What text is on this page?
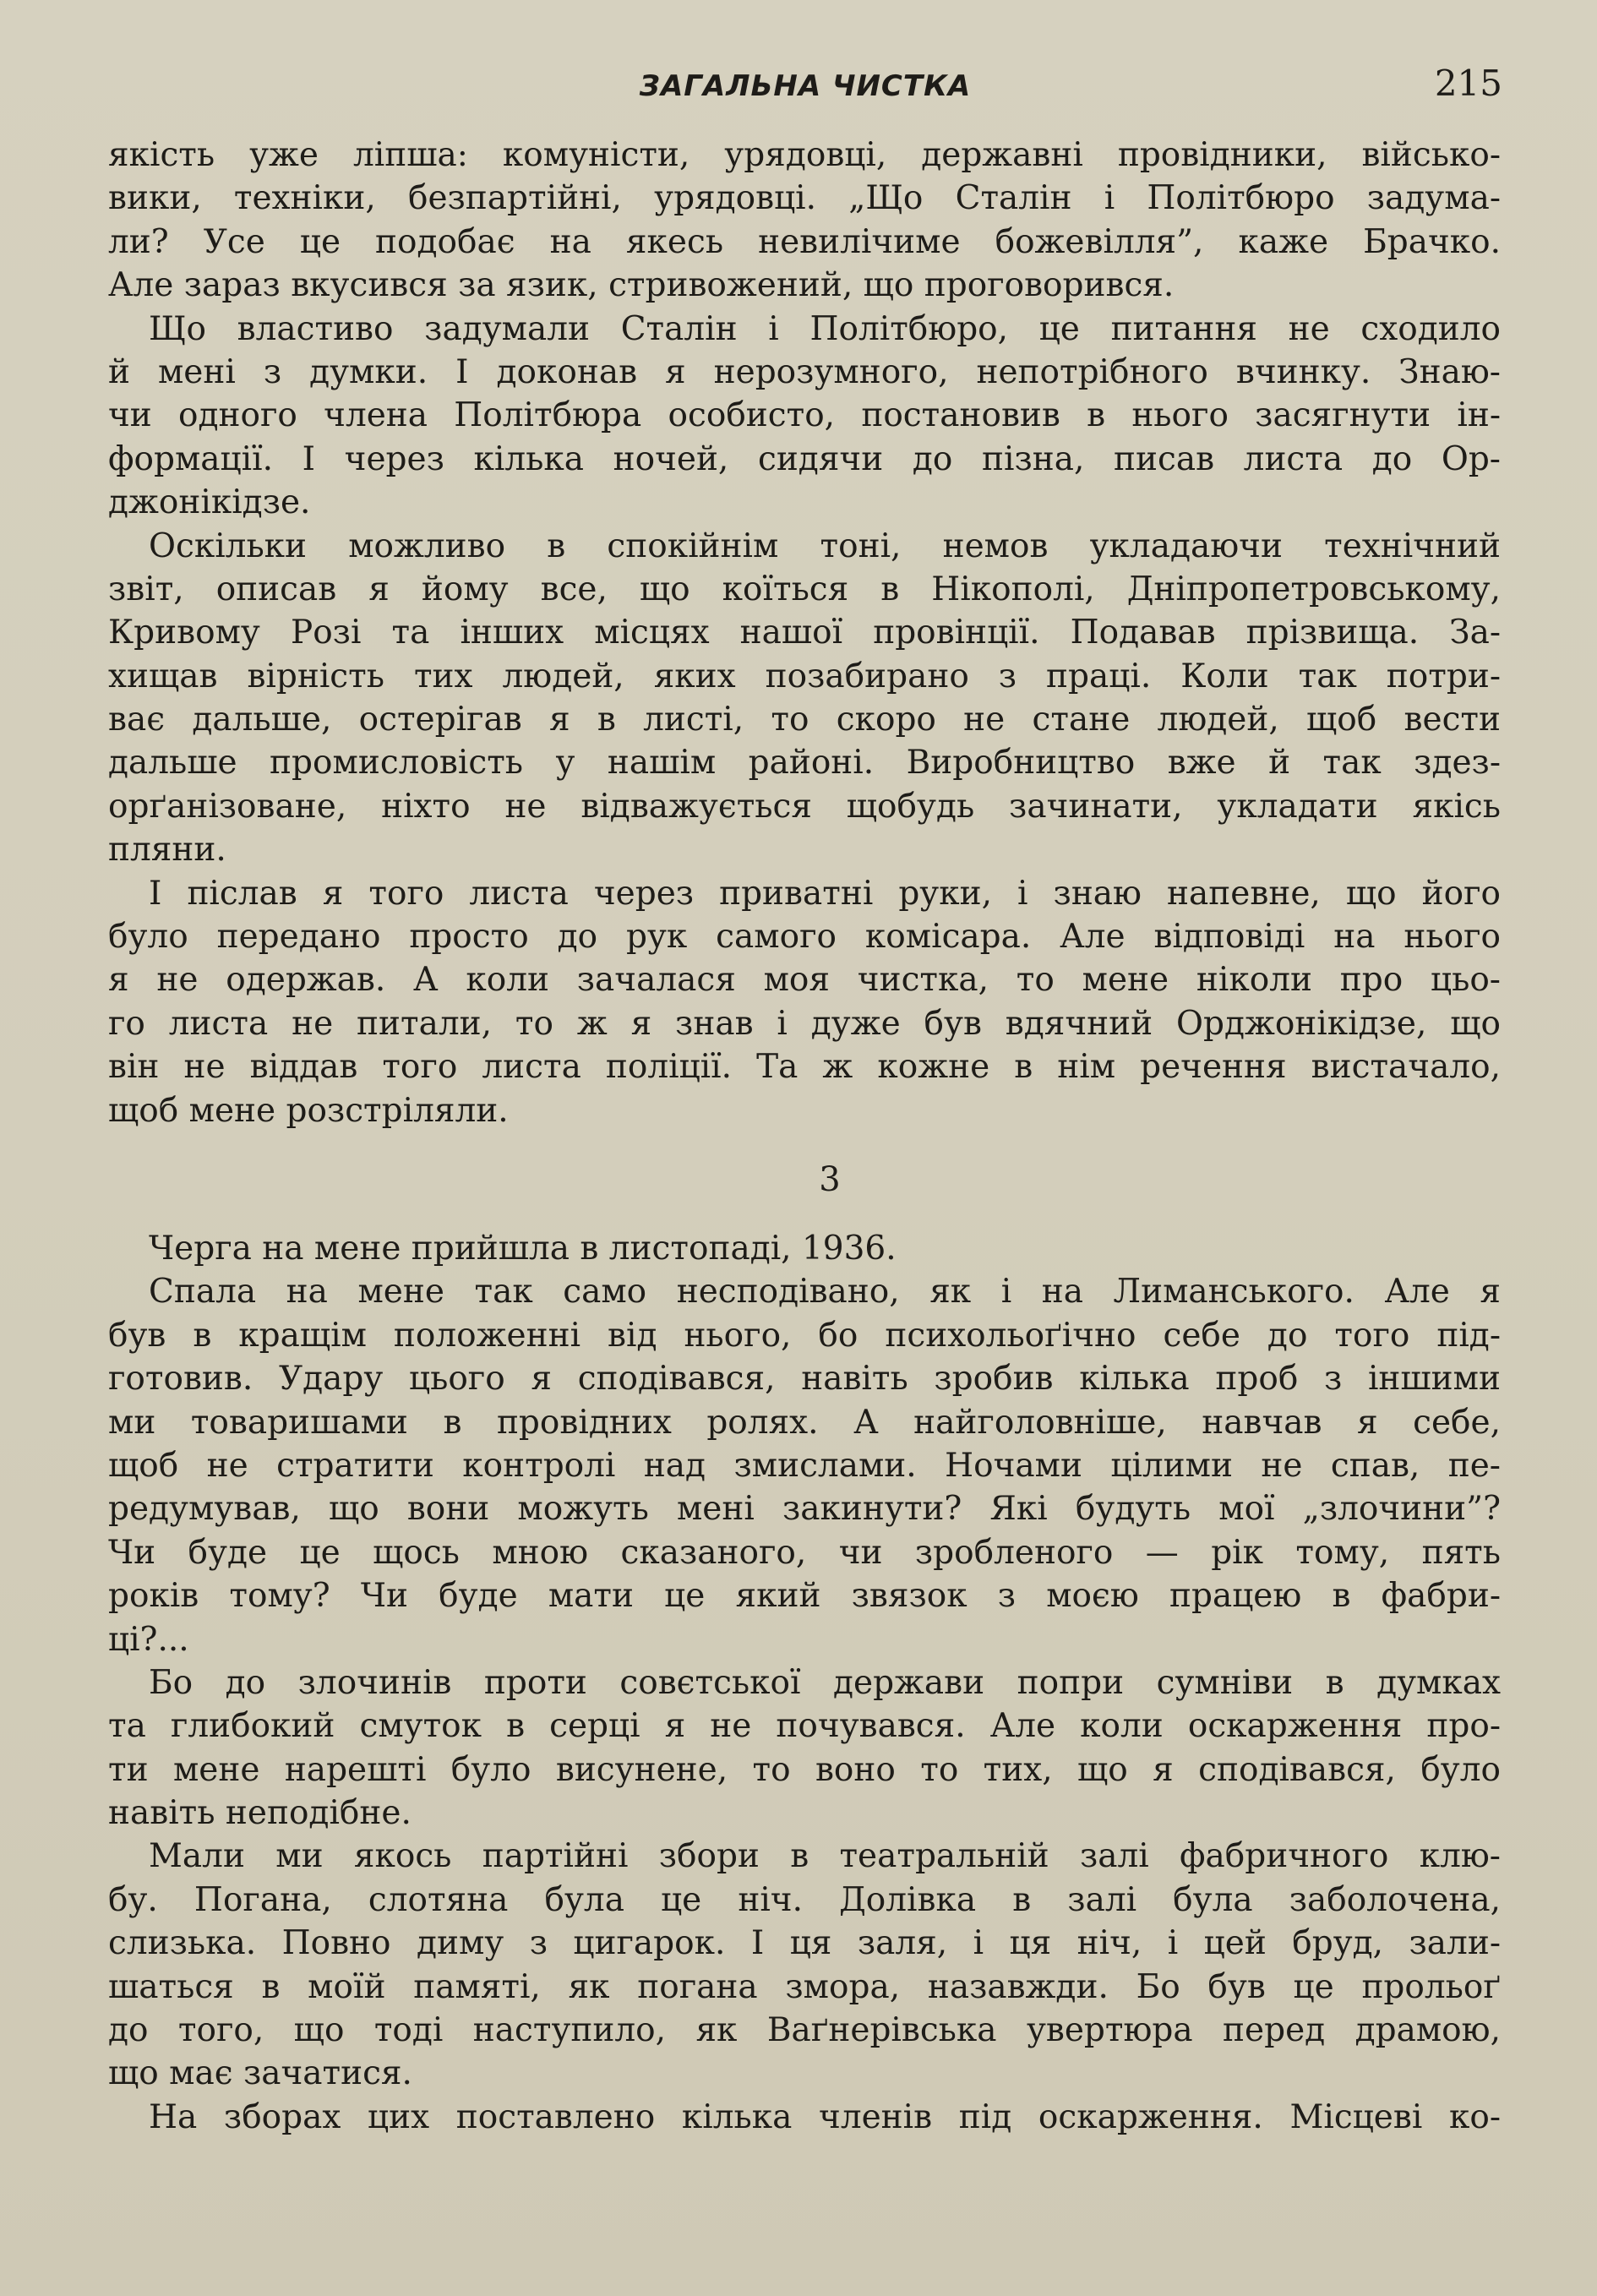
ЗАГАЛЬНА ЧИСТКА	215
якість уже ліпша: комуністи, урядовці, державні провідники, військо-
вики, техніки, безпартійні, урядовці. „Що Сталін і Політбюро задума-
ли? Усе це подобає на якесь невилічиме божевілля”, каже Брачко.
Але зараз вкусився за язик, стривожений, що проговорився.
Що властиво задумали Сталін і Політбюро, це питання не сходило
й мені з думки. І доконав я нерозумного, непотрібного вчинку. Знаю-
чи одного члена Політбюра особисто, постановив в нього засягнути ін-
формації. І через кілька ночей, сидячи до пізна, писав листа до Ор-
джонікідзе.
Оскільки можливо в спокійнім тоні, немов укладаючи технічний
звіт, описав я йому все, що коїться в Нікополі, Дніпропетровському,
Кривому Розі та інших місцях нашої провінції. Подавав прізвища. За-
хищав вірність тих людей, яких позабирано з праці. Коли так потри-
ває дальше, остерігав я в листі, то скоро не стане людей, щоб вести
дальше промисловість у нашім районі. Виробництво вже й так здез-
орґанізоване, ніхто не відважується щобудь зачинати, укладати якісь
пляни.
І післав я того листа через приватні руки, і знаю напевне, що його
було передано просто до рук самого комісара. Але відповіді на нього
я не одержав. А коли зачалася моя чистка, то мене ніколи про цьо-
го листа не питали, то ж я знав і дуже був вдячний Орджонікідзе, що
він не віддав того листа поліції. Та ж кожне в нім речення вистачало,
щоб мене розстріляли.
3
Черга на мене прийшла в листопаді, 1936.
Спала на мене так само несподівано, як і на Лиманського. Але я
був в кращім положенні від нього, бо психольоґічно себе до того під-
готовив. Удару цього я сподівався, навіть зробив кілька проб з іншими
ми товаришами в провідних ролях. А найголовніше, навчав я себе,
щоб не стратити контролі над змислами. Ночами цілими не спав, пе-
редумував, що вони можуть мені закинути? Які будуть мої „злочини”?
Чи буде це щось мною сказаного, чи зробленого — рік тому, пять
років тому? Чи буде мати це який звязок з моєю працею в фабри-
ці?...
Бо до злочинів проти совєтської держави попри сумніви в думках
та глибокий смуток в серці я не почувався. Але коли оскарження про-
ти мене нарешті було висунене, то воно то тих, що я сподівався, було
навіть неподібне.
Мали ми якось партійні збори в театральній залі фабричного клю-
бу. Погана, слотяна була це ніч. Долівка в залі була заболочена,
слизька. Повно диму з цигарок. І ця заля, і ця ніч, і цей бруд, зали-
шаться в моїй памяті, як погана змора, назавжди. Бо був це прольоґ
до того, що тоді наступило, як Ваґнерівська увертюра перед драмою,
що має зачатися.
На зборах цих поставлено кілька членів під оскарження. Місцеві ко-
